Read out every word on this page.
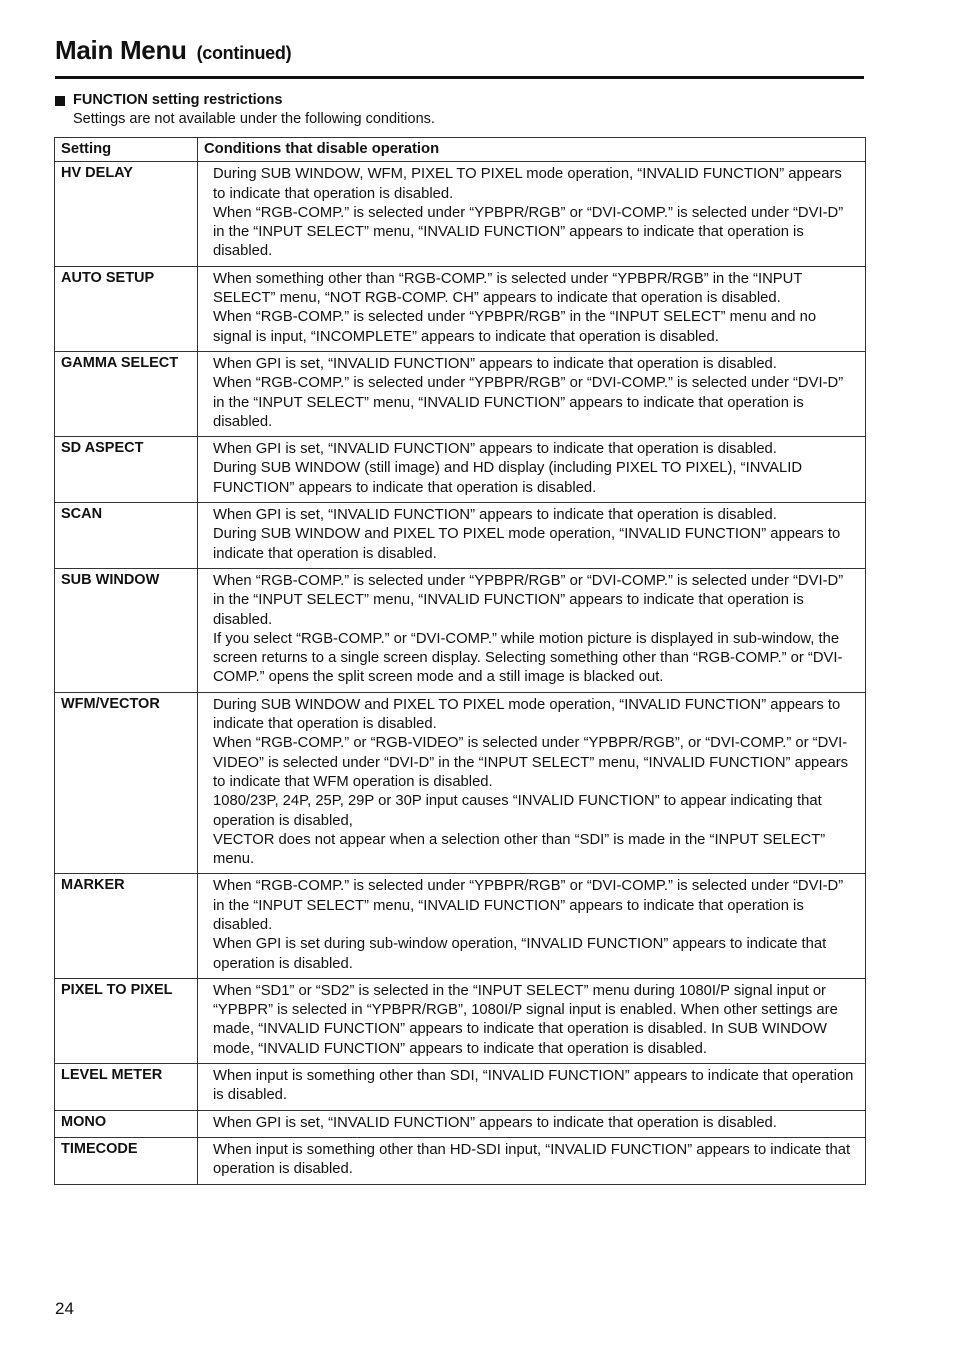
Main Menu (continued)
FUNCTION setting restrictions
Settings are not available under the following conditions.
Setting	Conditions that disable operation
HV DELAY	During SUB WINDOW, WFM, PIXEL TO PIXEL mode operation, “INVALID FUNCTION” appears to indicate that operation is disabled.
When “RGB-COMP.” is selected under “YPBPR/RGB” or “DVI-COMP.” is selected under “DVI-D” in the “INPUT SELECT” menu, “INVALID FUNCTION” appears to indicate that operation is disabled.

AUTO SETUP	When something other than “RGB-COMP.” is selected under “YPBPR/RGB” in the “INPUT SELECT” menu, “NOT RGB-COMP. CH” appears to indicate that operation is disabled.
When “RGB-COMP.” is selected under “YPBPR/RGB” in the “INPUT SELECT” menu and no signal is input, “INCOMPLETE” appears to indicate that operation is disabled.

GAMMA SELECT	When GPI is set, “INVALID FUNCTION” appears to indicate that operation is disabled.
When “RGB-COMP.” is selected under “YPBPR/RGB” or “DVI-COMP.” is selected under “DVI-D” in the “INPUT SELECT” menu, “INVALID FUNCTION” appears to indicate that operation is disabled.

SD ASPECT	When GPI is set, “INVALID FUNCTION” appears to indicate that operation is disabled.
During SUB WINDOW (still image) and HD display (including PIXEL TO PIXEL), “INVALID FUNCTION” appears to indicate that operation is disabled.

SCAN	When GPI is set, “INVALID FUNCTION” appears to indicate that operation is disabled.
During SUB WINDOW and PIXEL TO PIXEL mode operation, “INVALID FUNCTION” appears to indicate that operation is disabled.

SUB WINDOW	When “RGB-COMP.” is selected under “YPBPR/RGB” or “DVI-COMP.” is selected under “DVI-D” in the “INPUT SELECT” menu, “INVALID FUNCTION” appears to indicate that operation is disabled.
If you select “RGB-COMP.” or “DVI-COMP.” while motion picture is displayed in sub-window, the screen returns to a single screen display. Selecting something other than “RGB-COMP.” or “DVI-COMP.” opens the split screen mode and a still image is blacked out.

WFM/VECTOR	During SUB WINDOW and PIXEL TO PIXEL mode operation, “INVALID FUNCTION” appears to indicate that operation is disabled.
When “RGB-COMP.” or “RGB-VIDEO” is selected under “YPBPR/RGB”, or “DVI-COMP.” or “DVI-VIDEO” is selected under “DVI-D” in the “INPUT SELECT” menu, “INVALID FUNCTION” appears to indicate that WFM operation is disabled.
1080/23P, 24P, 25P, 29P or 30P input causes “INVALID FUNCTION” to appear indicating that operation is disabled,
VECTOR does not appear when a selection other than “SDI” is made in the “INPUT SELECT” menu.

MARKER	When “RGB-COMP.” is selected under “YPBPR/RGB” or “DVI-COMP.” is selected under “DVI-D” in the “INPUT SELECT” menu, “INVALID FUNCTION” appears to indicate that operation is disabled.
When GPI is set during sub-window operation, “INVALID FUNCTION” appears to indicate that operation is disabled.

PIXEL TO PIXEL	When “SD1” or “SD2” is selected in the “INPUT SELECT” menu during 1080I/P signal input or “YPBPR” is selected in “YPBPR/RGB”, 1080I/P signal input is enabled. When other settings are made, “INVALID FUNCTION” appears to indicate that operation is disabled. In SUB WINDOW mode, “INVALID FUNCTION” appears to indicate that operation is disabled.

LEVEL METER	When input is something other than SDI, “INVALID FUNCTION” appears to indicate that operation is disabled.

MONO	When GPI is set, “INVALID FUNCTION” appears to indicate that operation is disabled.

TIMECODE	When input is something other than HD-SDI input, “INVALID FUNCTION” appears to indicate that operation is disabled.
24
